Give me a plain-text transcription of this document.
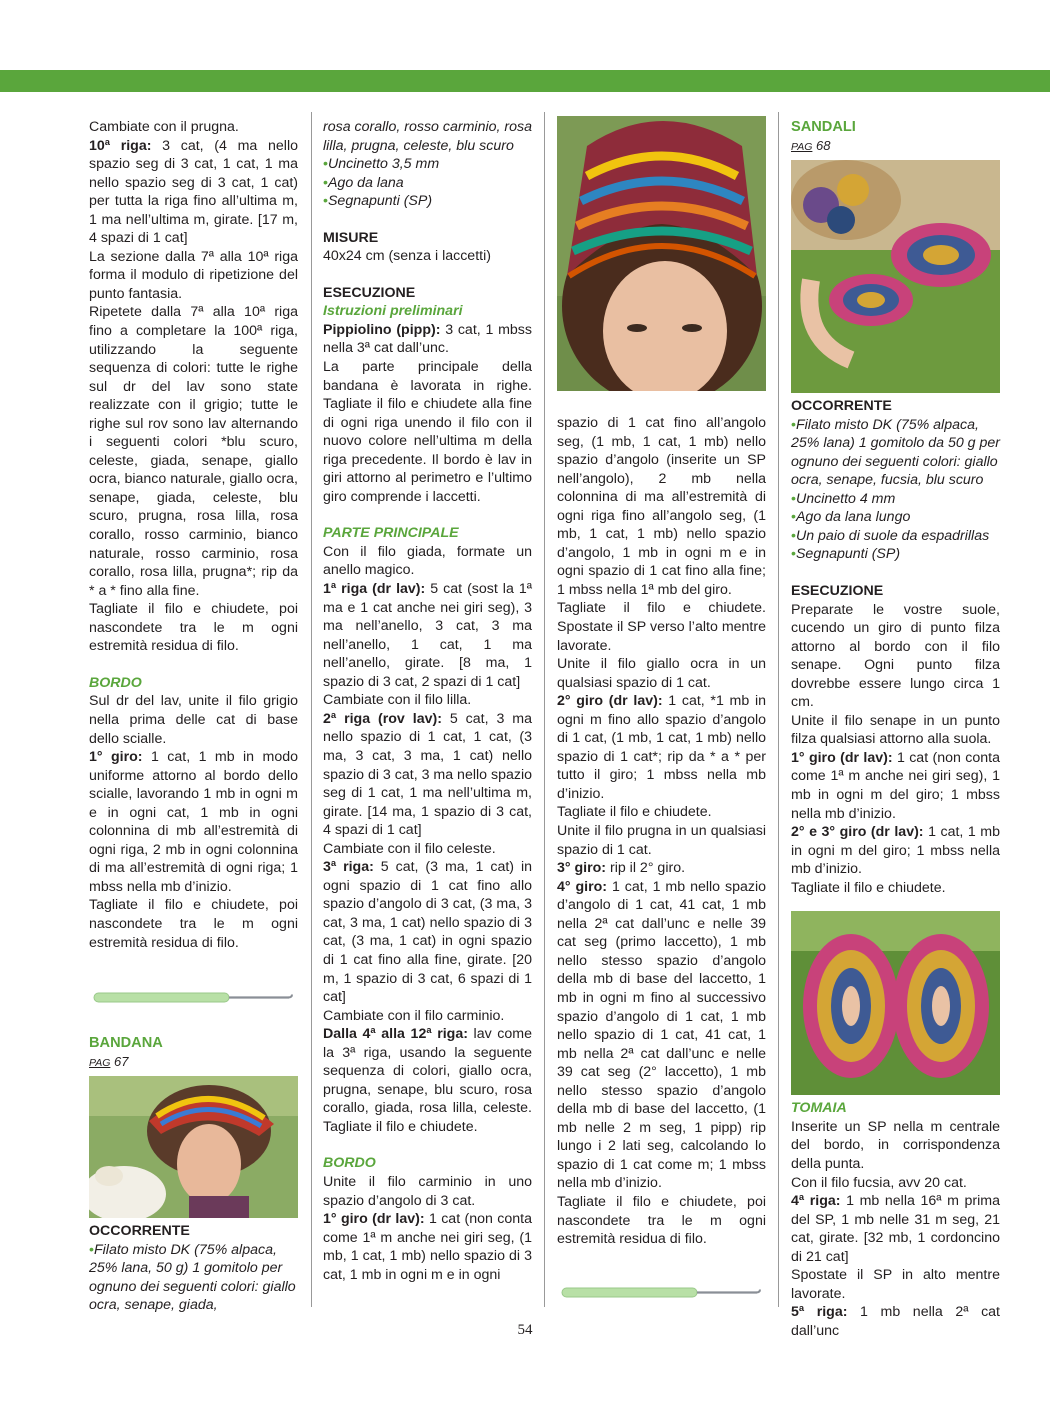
Cambiate con il prugna.

10ª riga: 3 cat, (4 ma nello spazio seg di 3 cat, 1 cat, 1 ma nello spazio seg di 3 cat, 1 cat) per tutta la riga fino all’ultima m, 1 ma nell’ultima m, girate. [17 m, 4 spazi di 1 cat]

La sezione dalla 7ª alla 10ª riga forma il modulo di ripetizione del punto fantasia.

Ripetete dalla 7ª alla 10ª riga fino a completare la 100ª riga, utilizzando la seguente sequenza di colori: tutte le righe sul dr del lav sono state realizzate con il grigio; tutte le righe sul rov sono lav alternando i seguenti colori *blu scuro, celeste, giada, senape, giallo ocra, bianco naturale, giallo ocra, senape, giada, celeste, blu scuro, prugna, rosa lilla, rosa corallo, rosso carminio, bianco naturale, rosso carminio, rosa corallo, rosa lilla, prugna*; rip da * a * fino alla fine.

Tagliate il filo e chiudete, poi nascondete tra le m ogni estremità residua di filo.

BORDO

Sul dr del lav, unite il filo grigio nella prima delle cat di base dello scialle.

1° giro: 1 cat, 1 mb in modo uniforme attorno al bordo dello scialle, lavorando 1 mb in ogni m e in ogni cat, 1 mb in ogni colonnina di mb all’estremità di ogni riga, 2 mb in ogni colonnina di ma all’estremità di ogni riga; 1 mbss nella mb d’inizio.

Tagliate il filo e chiudete, poi nascondete tra le m ogni estremità residua di filo.

BANDANA

PAG 67

OCCORRENTE

• Filato misto DK (75% alpaca, 25% lana, 50 g) 1 gomitolo per ognuno dei seguenti colori: giallo ocra, senape, giada,

rosa corallo, rosso carminio, rosa lilla, prugna, celeste, blu scuro

• Uncinetto 3,5 mm
• Ago da lana
• Segnapunti (SP)

MISURE

40x24 cm (senza i laccetti)

ESECUZIONE

Istruzioni preliminari

Pippiolino (pipp): 3 cat, 1 mbss nella 3ª cat dall’unc.

La parte principale della bandana è lavorata in righe. Tagliate il filo e chiudete alla fine di ogni riga unendo il filo con il nuovo colore nell’ultima m della riga precedente. Il bordo è lav in giri attorno al perimetro e l’ultimo giro comprende i laccetti.

PARTE PRINCIPALE

Con il filo giada, formate un anello magico.

1ª riga (dr lav): 5 cat (sost la 1ª ma e 1 cat anche nei giri seg), 3 ma nell’anello, 3 cat, 3 ma nell’anello, 1 cat, 1 ma nell’anello, girate. [8 ma, 1 spazio di 3 cat, 2 spazi di 1 cat]

Cambiate con il filo lilla.

2ª riga (rov lav): 5 cat, 3 ma nello spazio di 1 cat, 1 cat, (3 ma, 3 cat, 3 ma, 1 cat) nello spazio di 3 cat, 3 ma nello spazio seg di 1 cat, 1 ma nell’ultima m, girate. [14 ma, 1 spazio di 3 cat, 4 spazi di 1 cat]

Cambiate con il filo celeste.

3ª riga: 5 cat, (3 ma, 1 cat) in ogni spazio di 1 cat fino allo spazio d’angolo di 3 cat, (3 ma, 3 cat, 3 ma, 1 cat) nello spazio di 3 cat, (3 ma, 1 cat) in ogni spazio di 1 cat fino alla fine, girate. [20 m, 1 spazio di 3 cat, 6 spazi di 1 cat]

Cambiate con il filo carminio.

Dalla 4ª alla 12ª riga: lav come la 3ª riga, usando la seguente sequenza di colori, giallo ocra, prugna, senape, blu scuro, rosa corallo, giada, rosa lilla, celeste. Tagliate il filo e chiudete.

BORDO

Unite il filo carminio in uno spazio d’angolo di 3 cat.

1° giro (dr lav): 1 cat (non conta come 1ª m anche nei giri seg, (1 mb, 1 cat, 1 mb) nello spazio di 3 cat, 1 mb in ogni m e in ogni

spazio di 1 cat fino all’angolo seg, (1 mb, 1 cat, 1 mb) nello spazio d’angolo (inserite un SP nell’angolo), 2 mb nella colonnina di ma all’estremità di ogni riga fino all’angolo seg, (1 mb, 1 cat, 1 mb) nello spazio d’angolo, 1 mb in ogni m e in ogni spazio di 1 cat fino alla fine; 1 mbss nella 1ª mb del giro.

Tagliate il filo e chiudete. Spostate il SP verso l’alto mentre lavorate.

Unite il filo giallo ocra in un qualsiasi spazio di 1 cat.

2° giro (dr lav): 1 cat, *1 mb in ogni m fino allo spazio d’angolo di 1 cat, (1 mb, 1 cat, 1 mb) nello spazio di 1 cat*; rip da * a * per tutto il giro; 1 mbss nella mb d’inizio.

Tagliate il filo e chiudete.

Unite il filo prugna in un qualsiasi spazio di 1 cat.

3° giro: rip il 2° giro.

4° giro: 1 cat, 1 mb nello spazio d’angolo di 1 cat, 41 cat, 1 mb nella 2ª cat dall’unc e nelle 39 cat seg (primo laccetto), 1 mb nello stesso spazio d’angolo della mb di base del laccetto, 1 mb in ogni m fino al successivo spazio d’angolo di 1 cat, 1 mb nello spazio di 1 cat, 41 cat, 1 mb nella 2ª cat dall’unc e nelle 39 cat seg (2° laccetto), 1 mb nello stesso spazio d’angolo della mb di base del laccetto, (1 mb nelle 2 m seg, 1 pipp) rip lungo i 2 lati seg, calcolando lo spazio di 1 cat come m; 1 mbss nella mb d’inizio.

Tagliate il filo e chiudete, poi nascondete tra le m ogni estremità residua di filo.

SANDALI

PAG 68

OCCORRENTE

• Filato misto DK (75% alpaca, 25% lana) 1 gomitolo da 50 g per ognuno dei seguenti colori: giallo ocra, senape, fucsia, blu scuro
• Uncinetto 4 mm
• Ago da lana lungo
• Un paio di suole da espadrillas
• Segnapunti (SP)

ESECUZIONE

Preparate le vostre suole, cucendo un giro di punto filza attorno al bordo con il filo senape. Ogni punto filza dovrebbe essere lungo circa 1 cm.

Unite il filo senape in un punto filza qualsiasi attorno alla suola.

1° giro (dr lav): 1 cat (non conta come 1ª m anche nei giri seg), 1 mb in ogni m del giro; 1 mbss nella mb d’inizio.

2° e 3° giro (dr lav): 1 cat, 1 mb in ogni m del giro; 1 mbss nella mb d’inizio.

Tagliate il filo e chiudete.

TOMAIA

Inserite un SP nella m centrale del bordo, in corrispondenza della punta.

Con il filo fucsia, avv 20 cat.

4ª riga: 1 mb nella 16ª m prima del SP, 1 mb nelle 31 m seg, 21 cat, girate. [32 mb, 1 cordoncino di 21 cat]

Spostate il SP in alto mentre lavorate.

5ª riga: 1 mb nella 2ª cat dall’unc

54
